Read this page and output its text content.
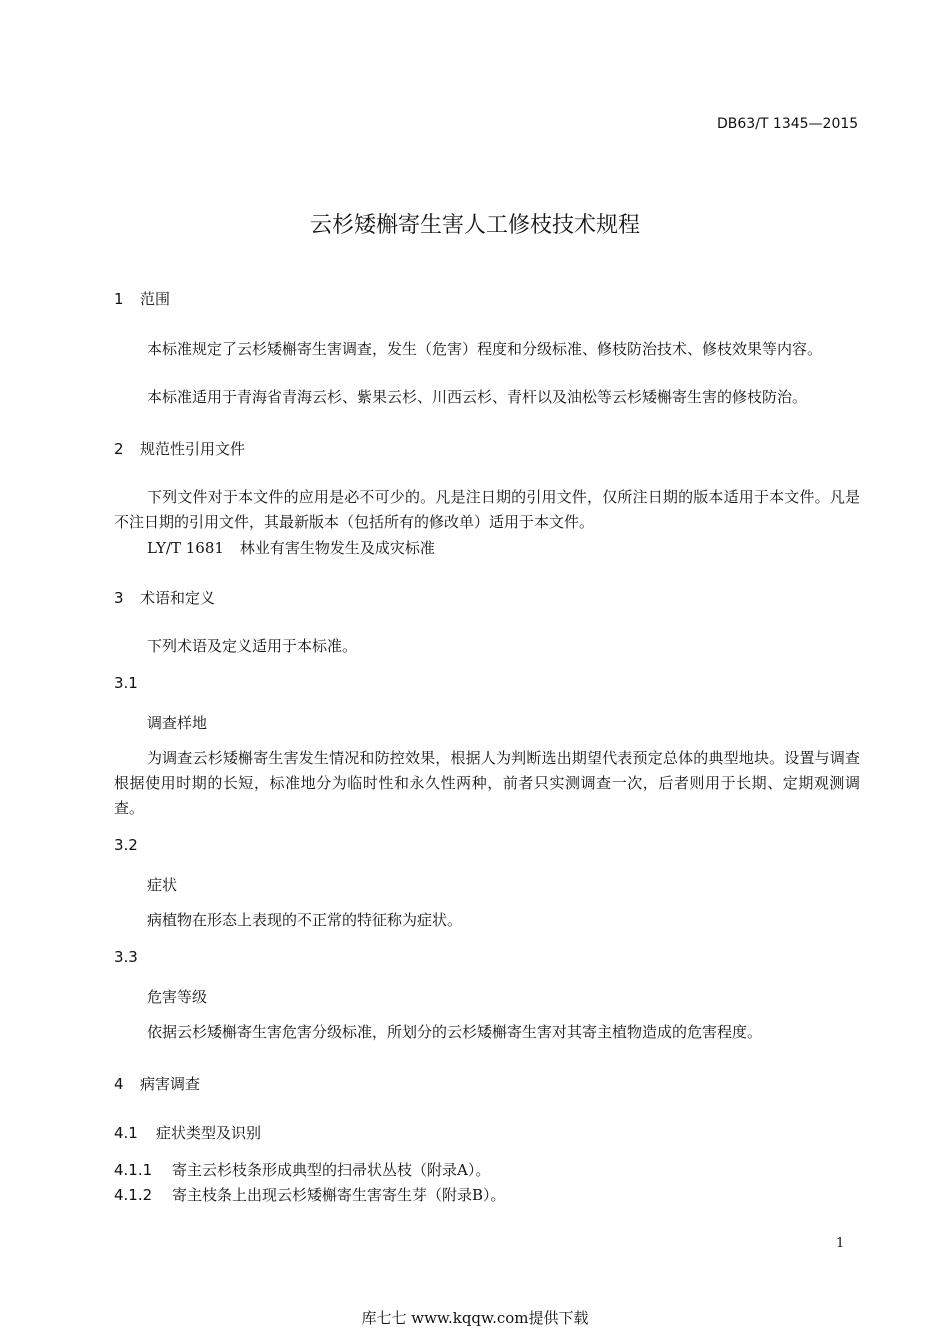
DB63/T 1345—2015
云杉矮槲寄生害人工修枝技术规程
1 范围

本标准规定了云杉矮槲寄生害调查，发生（危害）程度和分级标准、修枝防治技术、修枝效果等内容。

本标准适用于青海省青海云杉、紫果云杉、川西云杉、青杆以及油松等云杉矮槲寄生害的修枝防治。

2 规范性引用文件

下列文件对于本文件的应用是必不可少的。凡是注日期的引用文件，仅所注日期的版本适用于本文件。凡是不注日期的引用文件，其最新版本（包括所有的修改单）适用于本文件。

LY/T 1681 林业有害生物发生及成灾标准
3 术语和定义

下列术语及定义适用于本标准。

3.1
调查样地

为调查云杉矮槲寄生害发生情况和防控效果，根据人为判断选出期望代表预定总体的典型地块。设置与调查根据使用时期的长短，标准地分为临时性和永久性两种，前者只实测调查一次，后者则用于长期、定期观测调查。

3.2
症状

病植物在形态上表现的不正常的特征称为症状。

3.3
危害等级

依据云杉矮槲寄生害危害分级标准，所划分的云杉矮槲寄生害对其寄主植物造成的危害程度。

4 病害调查
4.1 症状类型及识别
4.1.1 寄主云杉枝条形成典型的扫帚状丛枝（附录A）。
4.1.2 寄主枝条上出现云杉矮槲寄生害寄生芽（附录B）。
1
库七七 www.kqqw.com提供下载
